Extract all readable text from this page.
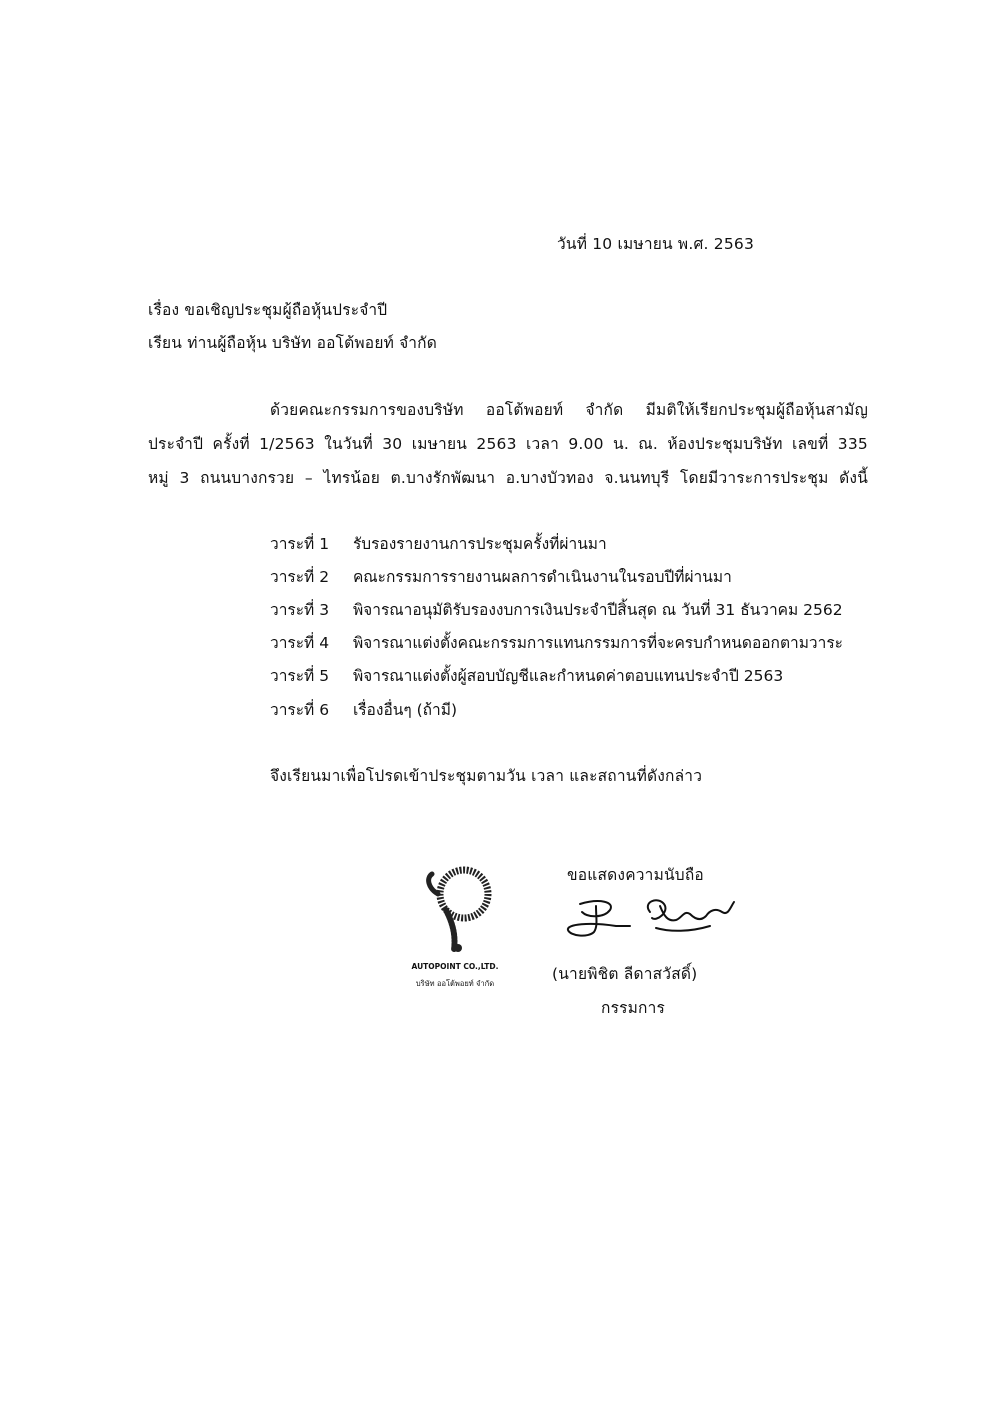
วันที่ 10 เมษายน พ.ศ. 2563
เรื่อง ขอเชิญประชุมผู้ถือหุ้นประจำปี
เรียน ท่านผู้ถือหุ้น บริษัท ออโต้พอยท์ จำกัด
ด้วยคณะกรรมการของบริษัท ออโต้พอยท์ จำกัด มีมติให้เรียกประชุมผู้ถือหุ้นสามัญ
ประจำปี ครั้งที่ 1/2563 ในวันที่ 30 เมษายน 2563 เวลา 9.00 น. ณ. ห้องประชุมบริษัท เลขที่ 335
หมู่ 3 ถนนบางกรวย – ไทรน้อย ต.บางรักพัฒนา อ.บางบัวทอง จ.นนทบุรี โดยมีวาระการประชุม ดังนี้
วาระที่ 1 รับรองรายงานการประชุมครั้งที่ผ่านมา
วาระที่ 2 คณะกรรมการรายงานผลการดำเนินงานในรอบปีที่ผ่านมา
วาระที่ 3 พิจารณาอนุมัติรับรองงบการเงินประจำปีสิ้นสุด ณ วันที่ 31 ธันวาคม 2562
วาระที่ 4 พิจารณาแต่งตั้งคณะกรรมการแทนกรรมการที่จะครบกำหนดออกตามวาระ
วาระที่ 5 พิจารณาแต่งตั้งผู้สอบบัญชีและกำหนดค่าตอบแทนประจำปี 2563
วาระที่ 6 เรื่องอื่นๆ (ถ้ามี)
จึงเรียนมาเพื่อโปรดเข้าประชุมตามวัน เวลา และสถานที่ดังกล่าว
AUTOPOINT CO.,LTD.
บริษัท ออโต้พอยท์ จำกัด
ขอแสดงความนับถือ
(นายพิชิต ลีดาสวัสดิ์)
กรรมการ
